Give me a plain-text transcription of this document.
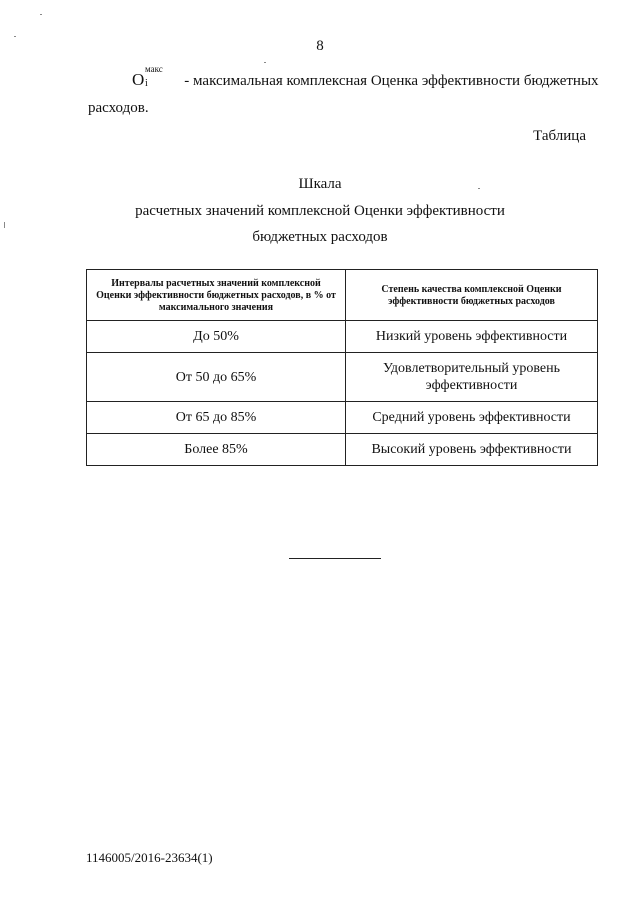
8
O
макс
i - максимальная комплексная Оценка эффективности бюджетных
расходов.
Таблица
Шкала
расчетных значений комплексной Оценки эффективности
бюджетных расходов
Интервалы расчетных значений комплексной Оценки эффективности бюджетных расходов, в % от максимального значения	Степень качества комплексной Оценки эффективности бюджетных расходов
До 50%	Низкий уровень эффективности
От 50 до 65%	Удовлетворительный уровень эффективности
От 65 до 85%	Средний уровень эффективности
Более 85%	Высокий уровень эффективности
1146005/2016-23634(1)
